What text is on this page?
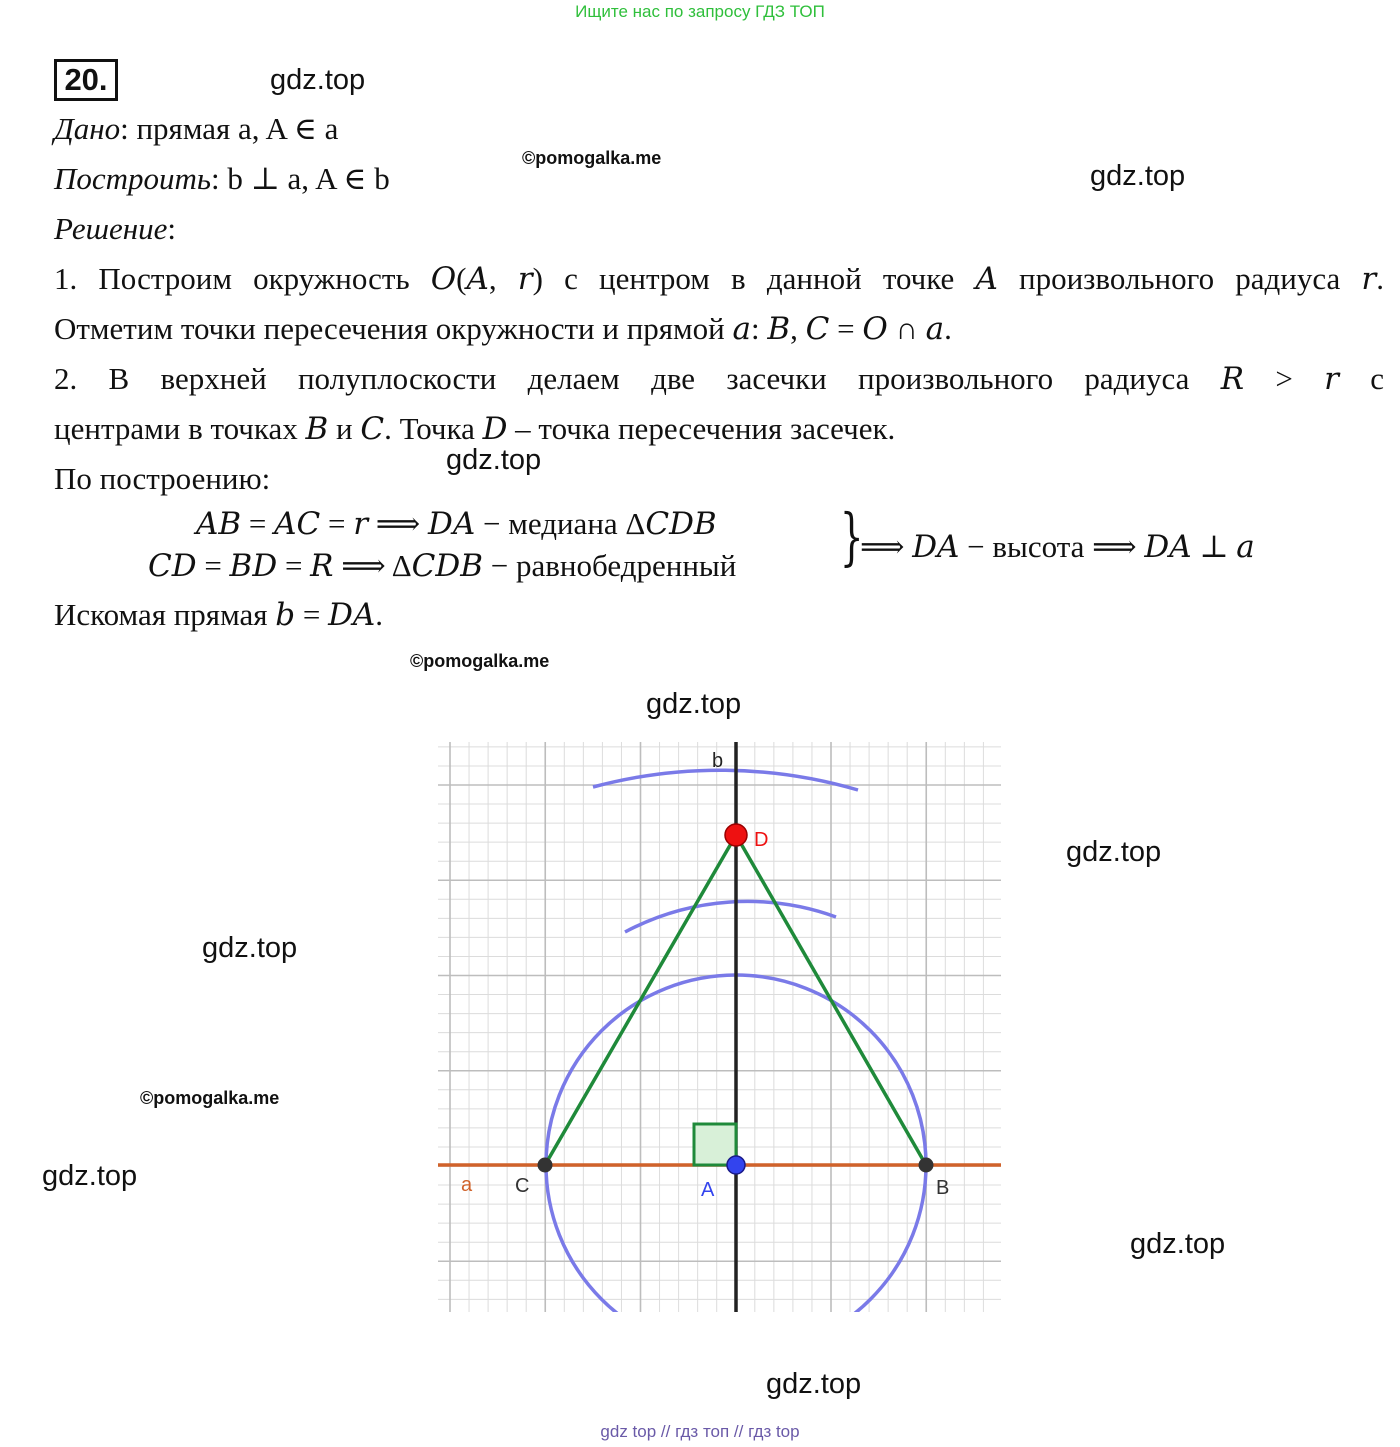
Ищите нас по запросу ГДЗ ТОП
20.	gdz.top
gdz.top
gdz.top
gdz.top
gdz.top
gdz.top
gdz.top
gdz.top
gdz.top
©pomogalka.me
©pomogalka.me
©pomogalka.me
Дано: прямая a, A ∈ a
Построить: b ⊥ a, A ∈ b
Решение:
1. Построим окружность 𝑂(𝐴, 𝑟) с центром в данной точке 𝐴 произвольного радиуса 𝑟.
Отметим точки пересечения окружности и прямой 𝑎: 𝐵, 𝐶 = 𝑂 ∩ 𝑎.
2. В верхней полуплоскости делаем две засечки произвольного радиуса 𝑅 > 𝑟 с
центрами в точках 𝐵 и 𝐶. Точка 𝐷 – точка пересечения засечек.
По построению:
𝐴𝐵 = 𝐴𝐶 = 𝑟 ⟹ 𝐷𝐴 − медиана Δ𝐶𝐷𝐵
𝐶𝐷 = 𝐵𝐷 = 𝑅 ⟹ Δ𝐶𝐷𝐵 − равнобедренный }
⟹ 𝐷𝐴 − высота ⟹ 𝐷𝐴 ⊥ 𝑎
Искомая прямая 𝑏 = 𝐷𝐴.
b
D
a C	A	B
gdz top // гдз топ // гдз top
